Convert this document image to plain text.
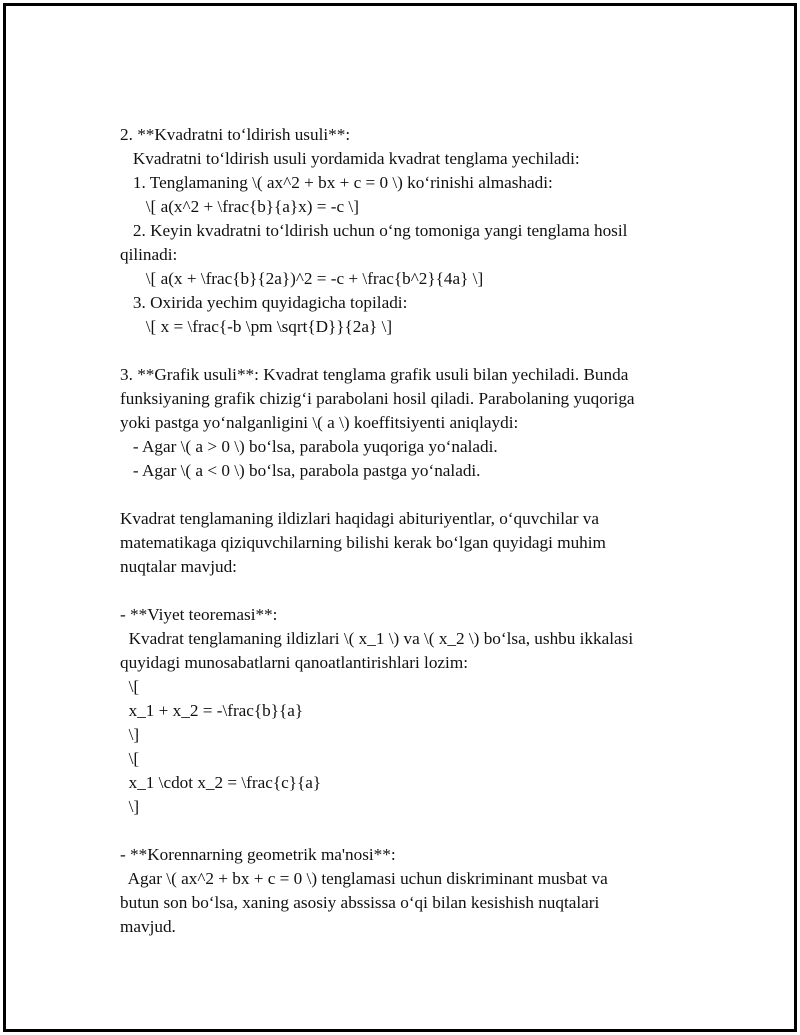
2. **Kvadratni to‘ldirish usuli**:
Kvadratni to‘ldirish usuli yordamida kvadrat tenglama yechiladi:
1. Tenglamaning \( ax^2 + bx + c = 0 \) ko‘rinishi almashadi:
\[ a(x^2 + \frac{b}{a}x) = -c \]
2. Keyin kvadratni to‘ldirish uchun o‘ng tomoniga yangi tenglama hosil
qilinadi:
\[ a(x + \frac{b}{2a})^2 = -c + \frac{b^2}{4a} \]
3. Oxirida yechim quyidagicha topiladi:
\[ x = \frac{-b \pm \sqrt{D}}{2a} \]
3. **Grafik usuli**: Kvadrat tenglama grafik usuli bilan yechiladi. Bunda
funksiyaning grafik chizig‘i parabolani hosil qiladi. Parabolaning yuqoriga
yoki pastga yo‘nalganligini \( a \) koeffitsiyenti aniqlaydi:
- Agar \( a > 0 \) bo‘lsa, parabola yuqoriga yo‘naladi.
- Agar \( a < 0 \) bo‘lsa, parabola pastga yo‘naladi.
Kvadrat tenglamaning ildizlari haqidagi abituriyentlar, o‘quvchilar va
matematikaga qiziquvchilarning bilishi kerak bo‘lgan quyidagi muhim
nuqtalar mavjud:
- **Viyet teoremasi**:
Kvadrat tenglamaning ildizlari \( x_1 \) va \( x_2 \) bo‘lsa, ushbu ikkalasi
quyidagi munosabatlarni qanoatlantirishlari lozim:
\[
x_1 + x_2 = -\frac{b}{a}
\]
\[
x_1 \cdot x_2 = \frac{c}{a}
\]
- **Korennarning geometrik ma'nosi**:
Agar \( ax^2 + bx + c = 0 \) tenglamasi uchun diskriminant musbat va
butun son bo‘lsa, xaning asosiy abssissa o‘qi bilan kesishish nuqtalari
mavjud.
